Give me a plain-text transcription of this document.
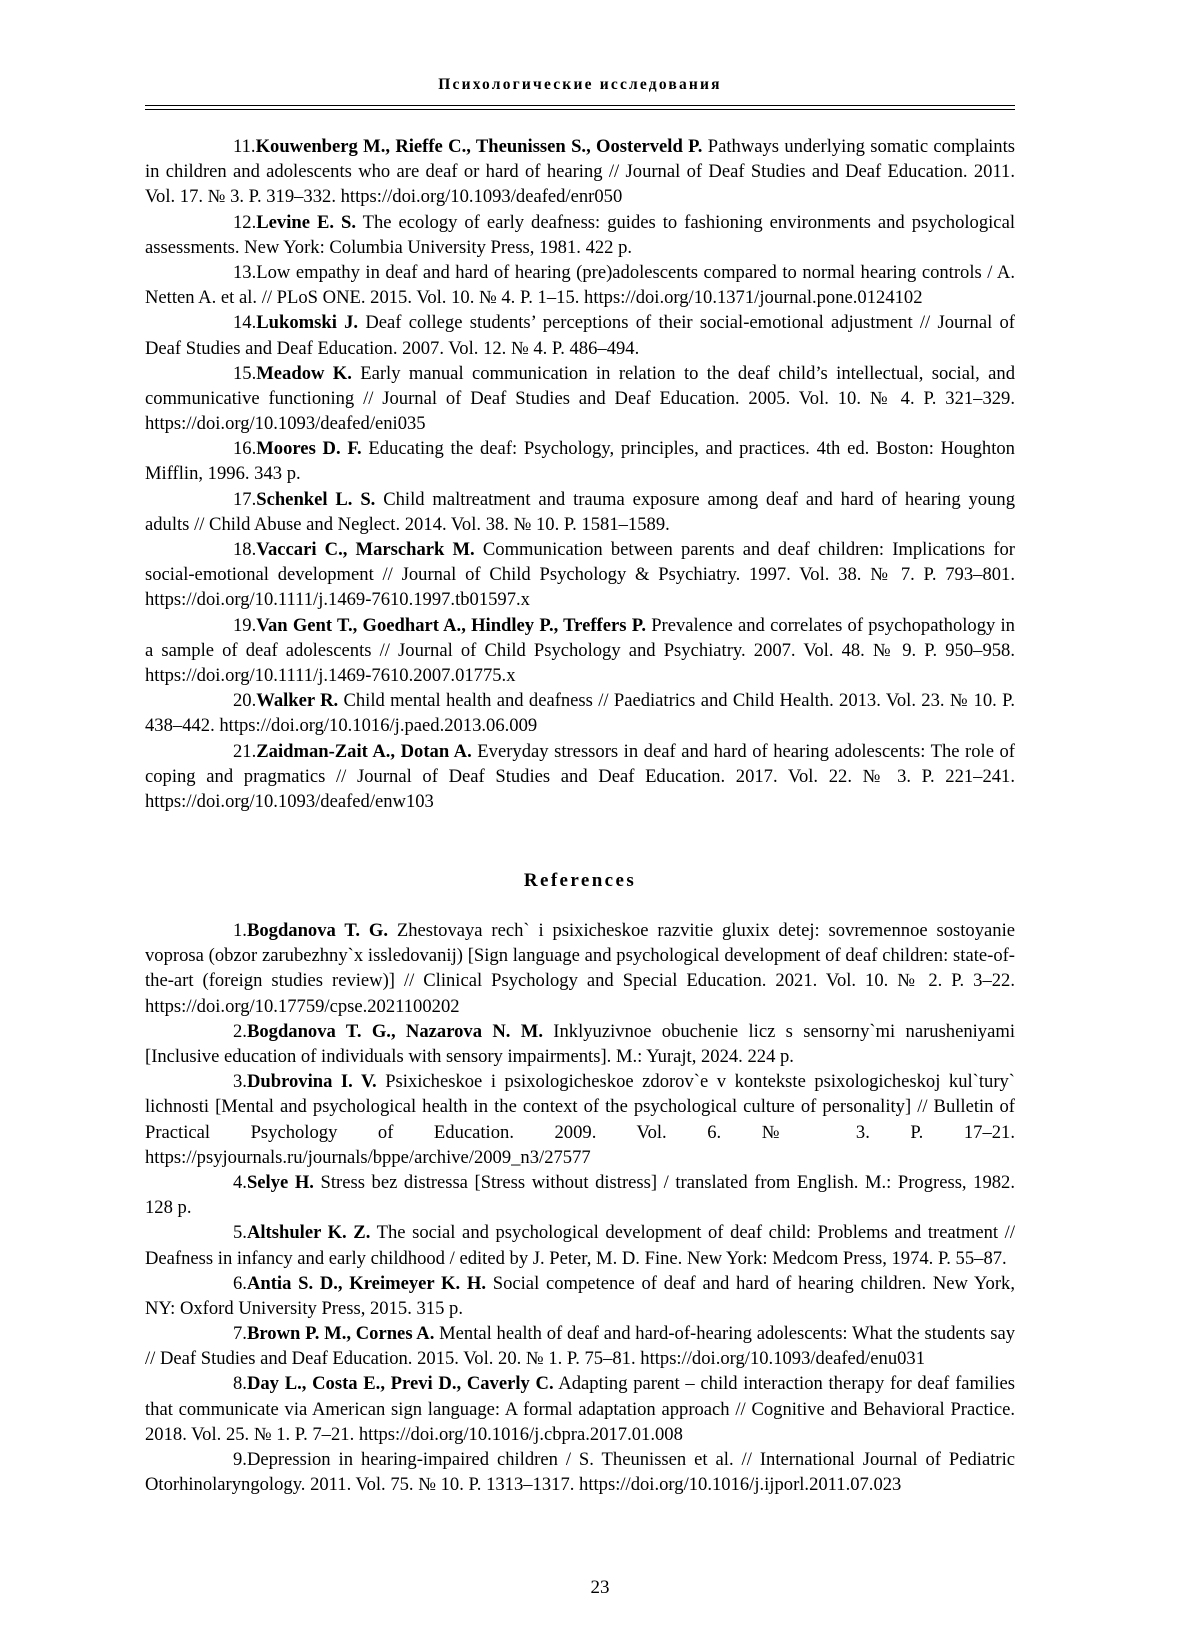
Психологические исследования

11.Kouwenberg M., Rieffe C., Theunissen S., Oosterveld P. Pathways underlying somatic complaints in children and adolescents who are deaf or hard of hearing // Journal of Deaf Studies and Deaf Education. 2011. Vol. 17. № 3. P. 319–332. https://doi.org/10.1093/deafed/enr050

12.Levine E. S. The ecology of early deafness: guides to fashioning environments and psychological assessments. New York: Columbia University Press, 1981. 422 p.

13.Low empathy in deaf and hard of hearing (pre)adolescents compared to normal hearing controls / A. Netten A. et al. // PLoS ONE. 2015. Vol. 10. № 4. P. 1–15. https://doi.org/10.1371/journal.pone.0124102

14.Lukomski J. Deaf college students’ perceptions of their social-emotional adjustment // Journal of Deaf Studies and Deaf Education. 2007. Vol. 12. № 4. P. 486–494.

15.Meadow K. Early manual communication in relation to the deaf child’s intellectual, social, and communicative functioning // Journal of Deaf Studies and Deaf Education. 2005. Vol. 10. № 4. P. 321–329. https://doi.org/10.1093/deafed/eni035

16.Moores D. F. Educating the deaf: Psychology, principles, and practices. 4th ed. Boston: Houghton Mifflin, 1996. 343 p.

17.Schenkel L. S. Child maltreatment and trauma exposure among deaf and hard of hearing young adults // Child Abuse and Neglect. 2014. Vol. 38. № 10. P. 1581–1589.

18.Vaccari C., Marschark M. Communication between parents and deaf children: Implications for social-emotional development // Journal of Child Psychology & Psychiatry. 1997. Vol. 38. № 7. P. 793–801. https://doi.org/10.1111/j.1469-7610.1997.tb01597.x

19.Van Gent T., Goedhart A., Hindley P., Treffers P. Prevalence and correlates of psychopathology in a sample of deaf adolescents // Journal of Child Psychology and Psychiatry. 2007. Vol. 48. № 9. P. 950–958. https://doi.org/10.1111/j.1469-7610.2007.01775.x

20.Walker R. Child mental health and deafness // Paediatrics and Child Health. 2013. Vol. 23. № 10. P. 438–442. https://doi.org/10.1016/j.paed.2013.06.009

21.Zaidman-Zait A., Dotan A. Everyday stressors in deaf and hard of hearing adolescents: The role of coping and pragmatics // Journal of Deaf Studies and Deaf Education. 2017. Vol. 22. № 3. P. 221–241. https://doi.org/10.1093/deafed/enw103

References

1.Bogdanova T. G. Zhestovaya rech` i psixicheskoe razvitie gluxix detej: sovremennoe sostoyanie voprosa (obzor zarubezhny`x issledovanij) [Sign language and psychological development of deaf children: state-of-the-art (foreign studies review)] // Clinical Psychology and Special Education. 2021. Vol. 10. № 2. P. 3–22. https://doi.org/10.17759/cpse.2021100202

2.Bogdanova T. G., Nazarova N. M. Inklyuzivnoe obuchenie licz s sensorny`mi narusheniyami [Inclusive education of individuals with sensory impairments]. M.: Yurajt, 2024. 224 p.

3.Dubrovina I. V. Psixicheskoe i psixologicheskoe zdorov`e v kontekste psixologicheskoj kul`tury` lichnosti [Mental and psychological health in the context of the psychological culture of personality] // Bulletin of Practical Psychology of Education. 2009. Vol. 6. № 3. P. 17–21. https://psyjournals.ru/journals/bppe/archive/2009_n3/27577

4.Selye H. Stress bez distressa [Stress without distress] / translated from English. M.: Progress, 1982. 128 p.

5.Altshuler K. Z. The social and psychological development of deaf child: Problems and treatment // Deafness in infancy and early childhood / edited by J. Peter, M. D. Fine. New York: Medcom Press, 1974. P. 55–87.

6.Antia S. D., Kreimeyer K. H. Social competence of deaf and hard of hearing children. New York, NY: Oxford University Press, 2015. 315 p.

7.Brown P. M., Cornes A. Mental health of deaf and hard-of-hearing adolescents: What the students say // Deaf Studies and Deaf Education. 2015. Vol. 20. № 1. P. 75–81. https://doi.org/10.1093/deafed/enu031

8.Day L., Costa E., Previ D., Caverly C. Adapting parent – child interaction therapy for deaf families that communicate via American sign language: A formal adaptation approach // Cognitive and Behavioral Practice. 2018. Vol. 25. № 1. P. 7–21. https://doi.org/10.1016/j.cbpra.2017.01.008

9.Depression in hearing-impaired children / S. Theunissen et al. // International Journal of Pediatric Otorhinolaryngology. 2011. Vol. 75. № 10. P. 1313–1317. https://doi.org/10.1016/j.ijporl.2011.07.023

23
